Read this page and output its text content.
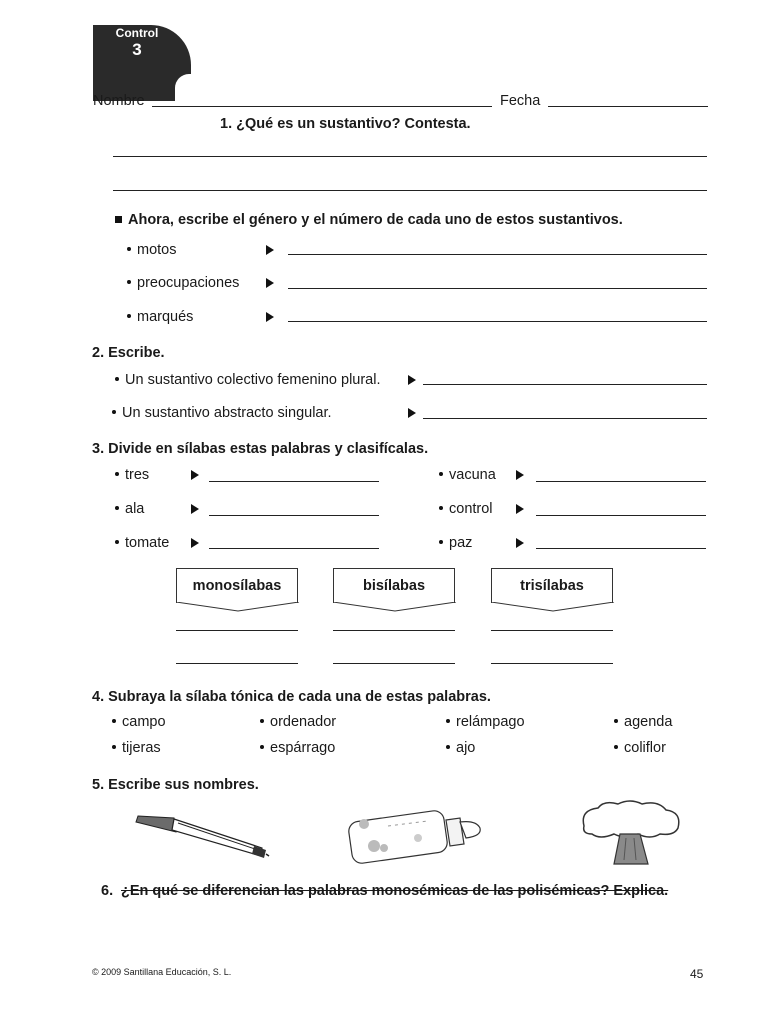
Control
3
Nombre	Fecha
1. ¿Qué es un sustantivo? Contesta.
Ahora, escribe el género y el número de cada uno de estos sustantivos.
motos
preocupaciones
marqués
2. Escribe.
Un sustantivo colectivo femenino plural.
Un sustantivo abstracto singular.
3. Divide en sílabas estas palabras y clasifícalas.
tres
ala
tomate
vacuna
control
paz
monosílabas	bisílabas	trisílabas
4. Subraya la sílaba tónica de cada una de estas palabras.
campo	ordenador	relámpago	agenda
tijeras	espárrago	ajo	coliflor
5. Escribe sus nombres.
6. ¿En qué se diferencian las palabras monosémicas de las polisémicas? Explica.
© 2009 Santillana Educación, S. L.	45
